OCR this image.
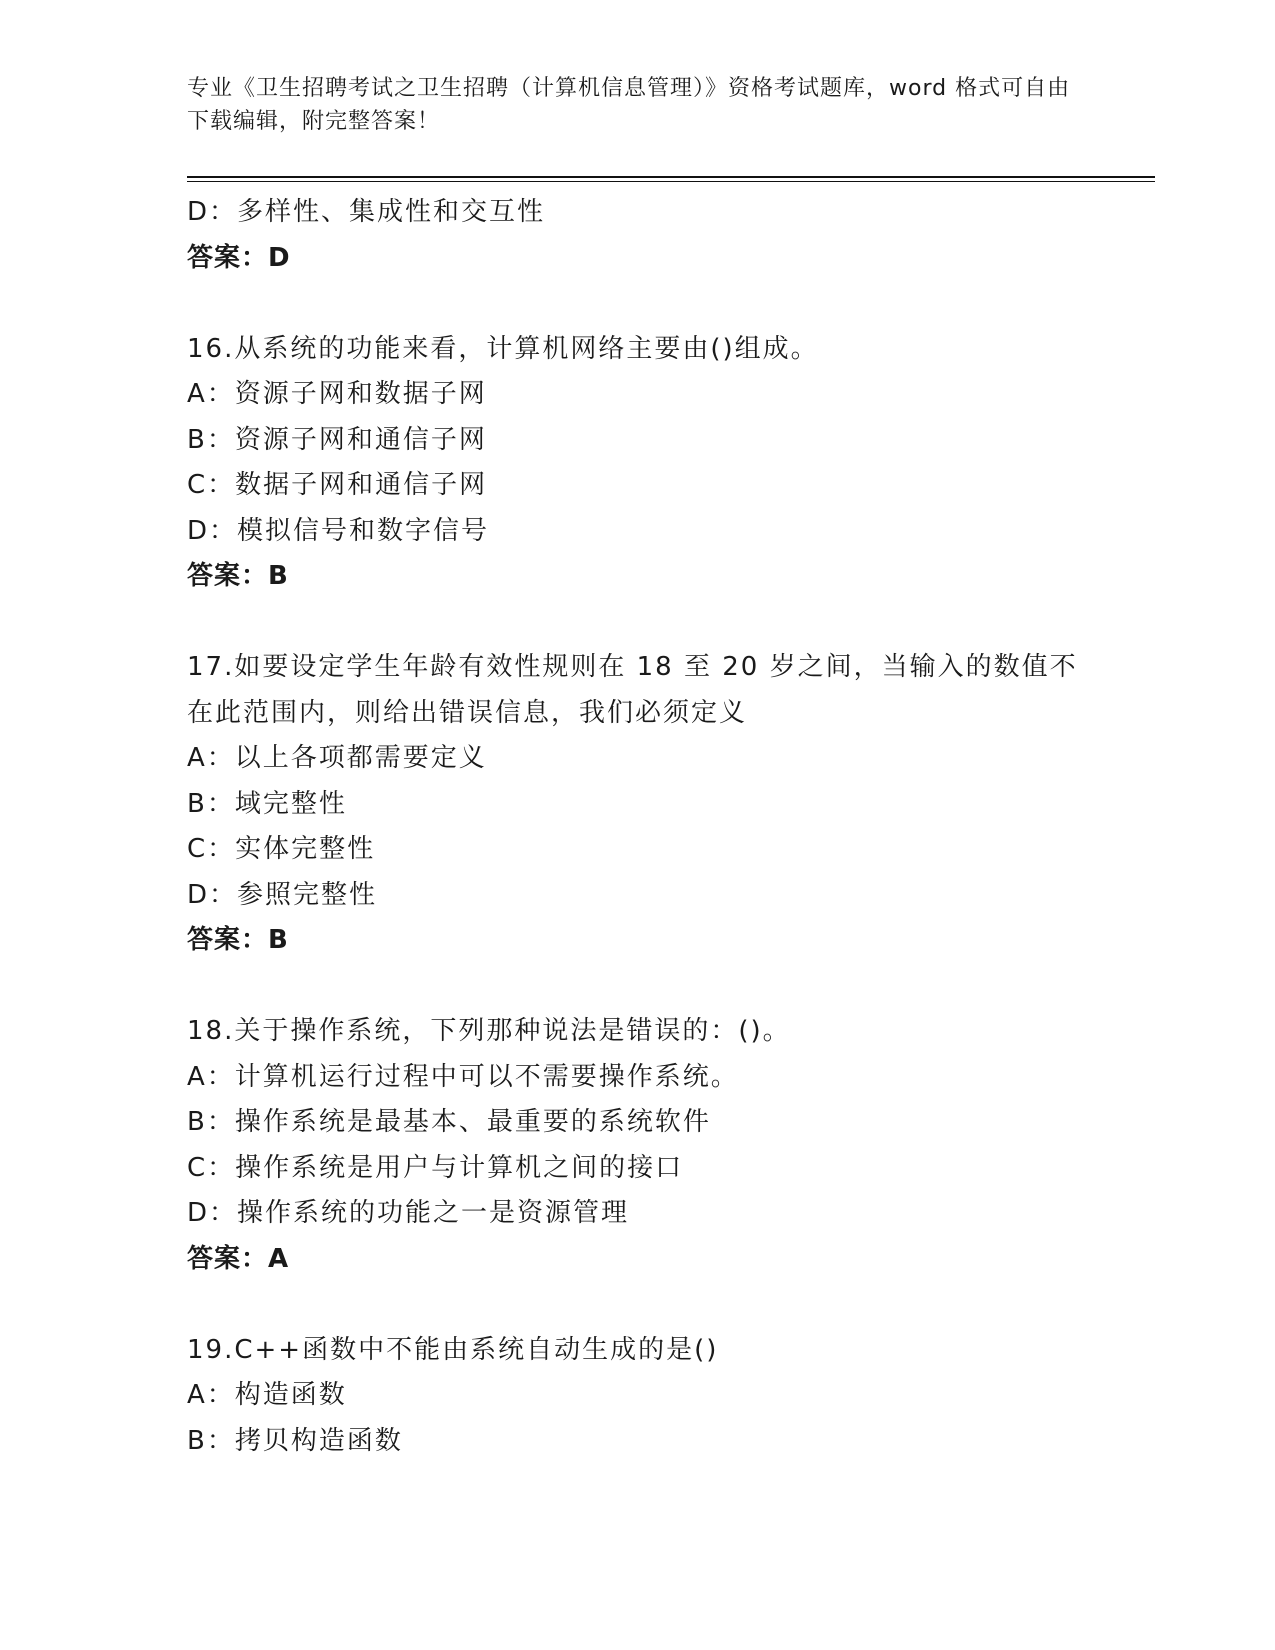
专业《卫生招聘考试之卫生招聘（计算机信息管理）》资格考试题库，word 格式可自由下载编辑，附完整答案！
D：多样性、集成性和交互性
答案：D
16.从系统的功能来看，计算机网络主要由()组成。
A：资源子网和数据子网
B：资源子网和通信子网
C：数据子网和通信子网
D：模拟信号和数字信号
答案：B
17.如要设定学生年龄有效性规则在 18 至 20 岁之间，当输入的数值不在此范围内，则给出错误信息，我们必须定义
A：以上各项都需要定义
B：域完整性
C：实体完整性
D：参照完整性
答案：B
18.关于操作系统，下列那种说法是错误的：()。
A：计算机运行过程中可以不需要操作系统。
B：操作系统是最基本、最重要的系统软件
C：操作系统是用户与计算机之间的接口
D：操作系统的功能之一是资源管理
答案：A
19.C++函数中不能由系统自动生成的是()
A：构造函数
B：拷贝构造函数
